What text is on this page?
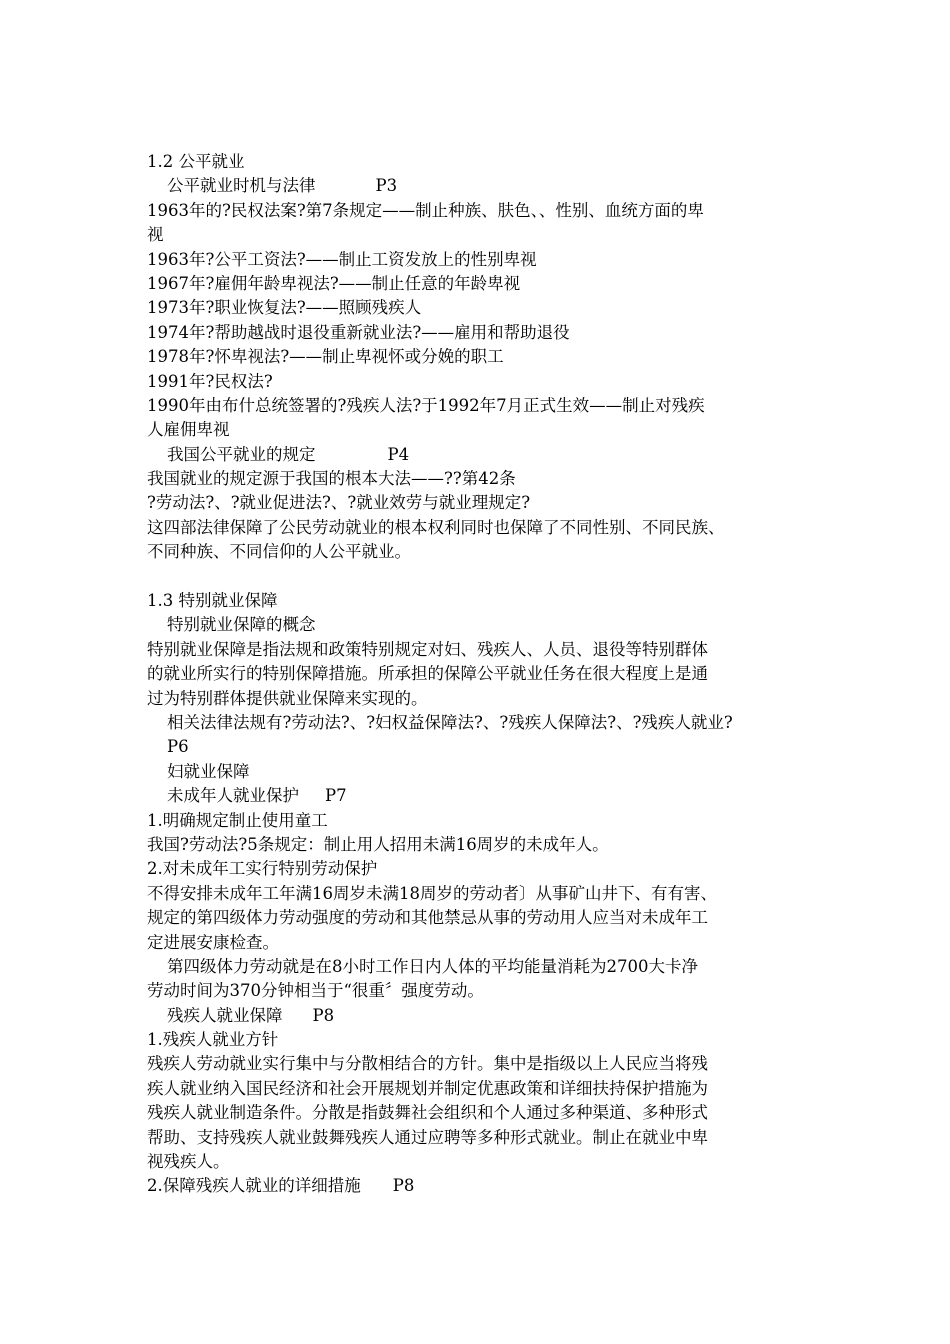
1.2 公平就业
公平就业时机与法律	P3
1963年的?民权法案?第7条规定——制止种族、肤色、、性别、血统方面的卑
视
1963年?公平工资法?——制止工资发放上的性别卑视
1967年?雇佣年龄卑视法?——制止任意的年龄卑视
1973年?职业恢复法?——照顾残疾人
1974年?帮助越战时退役重新就业法?——雇用和帮助退役
1978年?怀卑视法?——制止卑视怀或分娩的职工
1991年?民权法?
1990年由布什总统签署的?残疾人法?于1992年7月正式生效——制止对残疾
人雇佣卑视
我国公平就业的规定	P4
我国就业的规定源于我国的根本大法——??第42条
?劳动法?、?就业促进法?、?就业效劳与就业理规定?
这四部法律保障了公民劳动就业的根本权利同时也保障了不同性别、不同民族、
不同种族、不同信仰的人公平就业。
1.3 特别就业保障
特别就业保障的概念
特别就业保障是指法规和政策特别规定对妇、残疾人、人员、退役等特别群体
的就业所实行的特别保障措施。所承担的保障公平就业任务在很大程度上是通
过为特别群体提供就业保障来实现的。
相关法律法规有?劳动法?、?妇权益保障法?、?残疾人保障法?、?残疾人就业?
P6
妇就业保障
未成年人就业保护 P7
1.明确规定制止使用童工
我国?劳动法?5条规定：制止用人招用未满16周岁的未成年人。
2.对未成年工实行特别劳动保护
不得安排未成年工年满16周岁未满18周岁的劳动者〕从事矿山井下、有有害、
规定的第四级体力劳动强度的劳动和其他禁忌从事的劳动用人应当对未成年工
定进展安康检查。
第四级体力劳动就是在8小时工作日内人体的平均能量消耗为2700大卡净
劳动时间为370分钟相当于“很重〞强度劳动。
残疾人就业保障 P8
1.残疾人就业方针
残疾人劳动就业实行集中与分散相结合的方针。集中是指级以上人民应当将残
疾人就业纳入国民经济和社会开展规划并制定优惠政策和详细扶持保护措施为
残疾人就业制造条件。分散是指鼓舞社会组织和个人通过多种渠道、多种形式
帮助、支持残疾人就业鼓舞残疾人通过应聘等多种形式就业。制止在就业中卑
视残疾人。
2.保障残疾人就业的详细措施 P8
